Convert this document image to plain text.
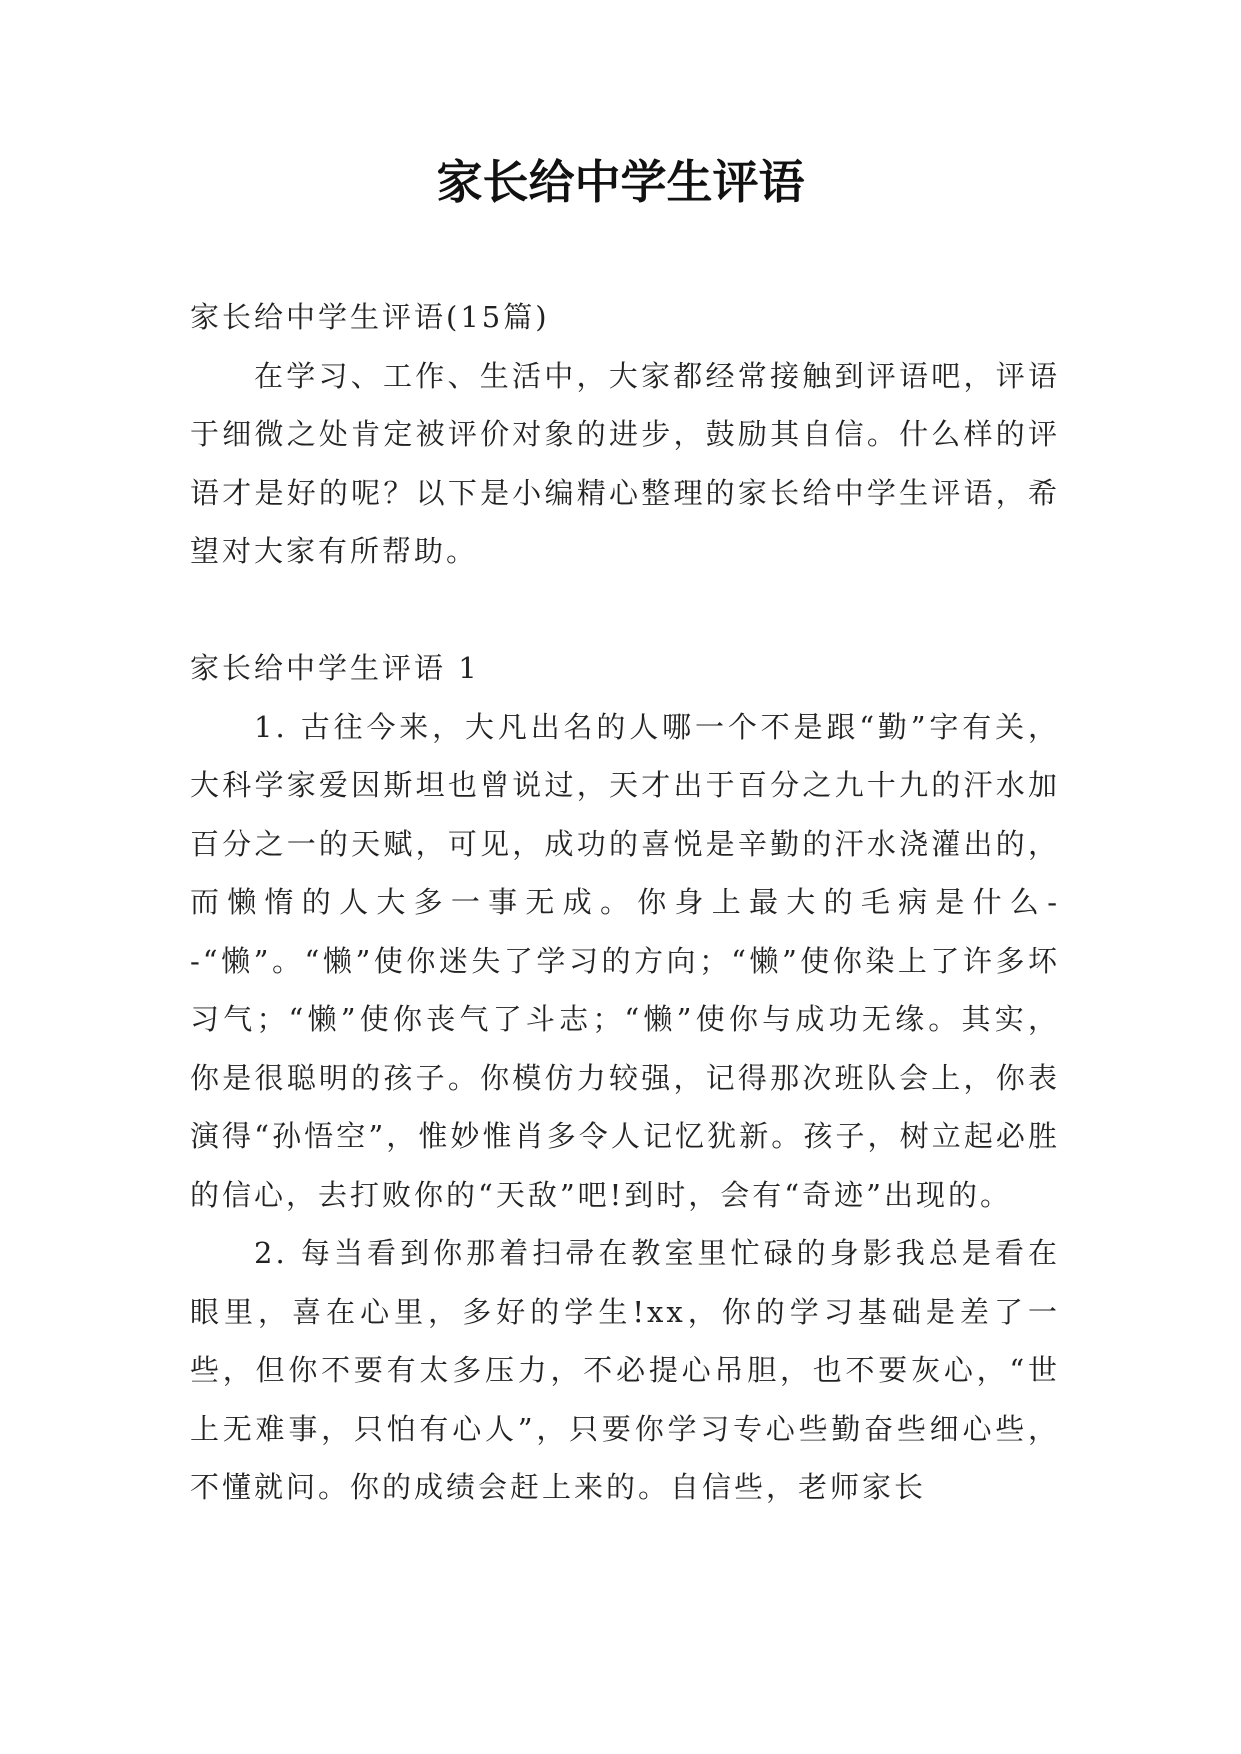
家长给中学生评语

家长给中学生评语(15篇)

在学习、工作、生活中，大家都经常接触到评语吧，评语于细微之处肯定被评价对象的进步，鼓励其自信。什么样的评语才是好的呢？以下是小编精心整理的家长给中学生评语，希望对大家有所帮助。

家长给中学生评语 1

1. 古往今来，大凡出名的人哪一个不是跟“勤”字有关，大科学家爱因斯坦也曾说过，天才出于百分之九十九的汗水加百分之一的天赋，可见，成功的喜悦是辛勤的汗水浇灌出的，而懒惰的人大多一事无成。你身上最大的毛病是什么--“懒”。“懒”使你迷失了学习的方向；“懒”使你染上了许多坏习气；“懒”使你丧气了斗志；“懒”使你与成功无缘。其实，你是很聪明的孩子。你模仿力较强，记得那次班队会上，你表演得“孙悟空”，惟妙惟肖多令人记忆犹新。孩子，树立起必胜的信心，去打败你的“天敌”吧!到时，会有“奇迹”出现的。

2. 每当看到你那着扫帚在教室里忙碌的身影我总是看在眼里，喜在心里，多好的学生!xx，你的学习基础是差了一些，但你不要有太多压力，不必提心吊胆，也不要灰心，“世上无难事，只怕有心人”，只要你学习专心些勤奋些细心些，不懂就问。你的成绩会赶上来的。自信些，老师家长
